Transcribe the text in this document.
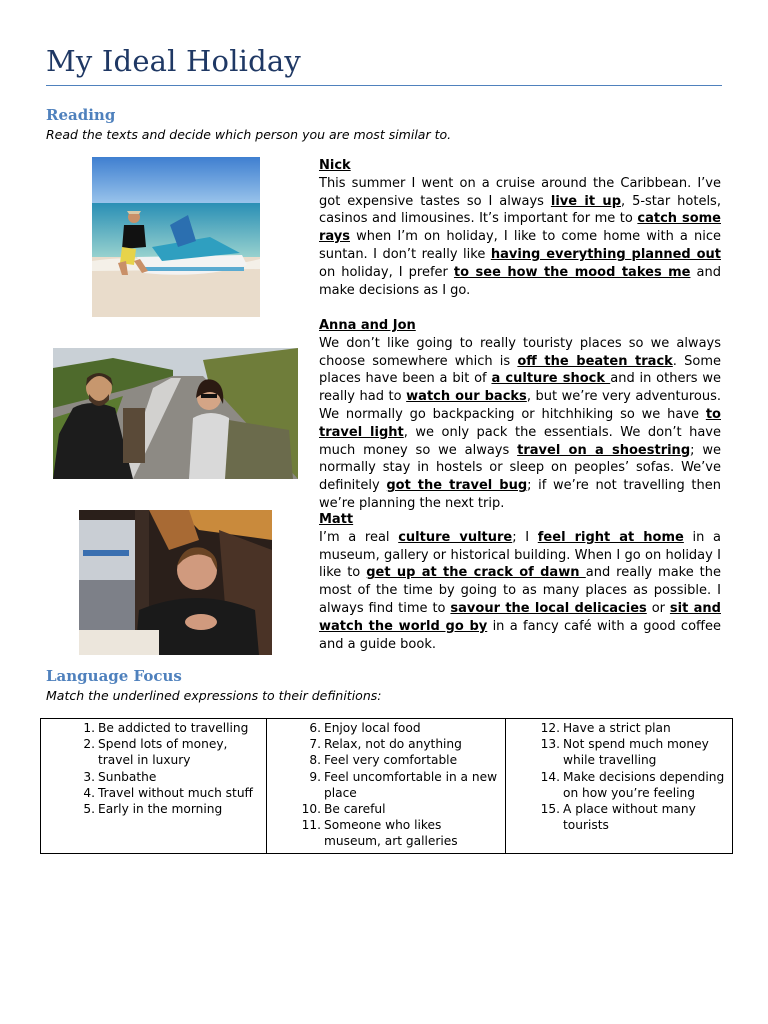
My Ideal Holiday
Reading
Read the texts and decide which person you are most similar to.
Nick
This summer I went on a cruise around the Caribbean. I’ve got expensive tastes so I always live it up, 5-star hotels, casinos and limousines. It’s important for me to catch some rays when I’m on holiday, I like to come home with a nice suntan. I don’t really like having everything planned out on holiday, I prefer to see how the mood takes me and make decisions as I go.
Anna and Jon
We don’t like going to really touristy places so we always choose somewhere which is off the beaten track. Some places have been a bit of a culture shock and in others we really had to watch our backs, but we’re very adventurous. We normally go backpacking or hitchhiking so we have to travel light, we only pack the essentials. We don’t have much money so we always travel on a shoestring; we normally stay in hostels or sleep on peoples’ sofas. We’ve definitely got the travel bug; if we’re not travelling then we’re planning the next trip.
Matt
I’m a real culture vulture; I feel right at home in a museum, gallery or historical building. When I go on holiday I like to get up at the crack of dawn and really make the most of the time by going to as many places as possible. I always find time to savour the local delicacies or sit and watch the world go by in a fancy café with a good coffee and a guide book.
Language Focus
Match the underlined expressions to their definitions:
1. Be addicted to travelling
2. Spend lots of money, travel in luxury
3. Sunbathe
4. Travel without much stuff
5. Early in the morning

6. Enjoy local food
7. Relax, not do anything
8. Feel very comfortable
9. Feel uncomfortable in a new place
10. Be careful
11. Someone who likes museum, art galleries

12. Have a strict plan
13. Not spend much money while travelling
14. Make decisions depending on how you’re feeling
15. A place without many tourists
